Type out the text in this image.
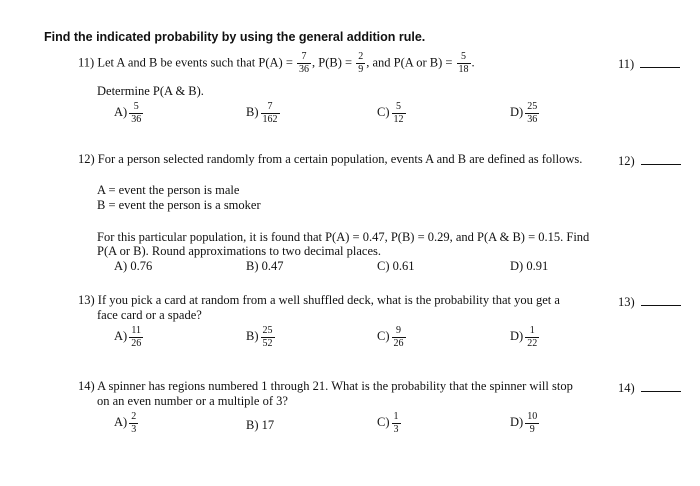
Find the indicated probability by using the general addition rule.
11) Let A and B be events such that $P(A) = \frac{7}{36}$ , $P(B) = \frac{2}{9}$ , and P(A or $B) = \frac{5}{18}$ .	11)
Determine P(A & B).
$A) \frac{5}{36}$	$B) \frac{7}{162}$	$C) \frac{5}{12}$	$D) \frac{25}{36}$
12) For a person selected randomly from a certain population, events A and B are defined as follows.	12)
A = event the person is male
B = event the person is a smoker
For this particular population, it is found that P(A) = 0.47, P(B) = 0.29, and P(A & B) = 0.15. Find
P(A or B). Round approximations to two decimal places.
A) 0.76	B) 0.47	C) 0.61	D) 0.91
13) If you pick a card at random from a well shuffled deck, what is the probability that you get a
face card or a spade?
13)
$A) \frac{11}{26}$	$B) \frac{25}{52}$	$C) \frac{9}{26}$	$D) \frac{1}{22}$
14) A spinner has regions numbered 1 through 21. What is the probability that the spinner will stop
on an even number or a multiple of 3?
14)
$A) \frac{2}{3}$	B) 17	$C) \frac{1}{3}$	$D) \frac{10}{9}$
